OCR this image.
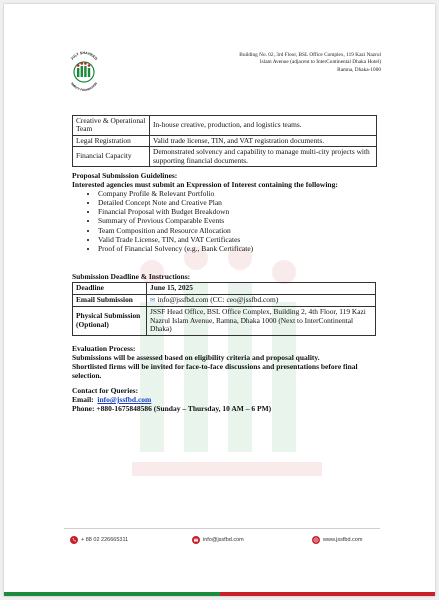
JULY SHAHEED
SMRITY FOUNDATION
Building No. 02, 3rd Floor, BSL Office Complex, 119 Kazi Nazrul
Islam Avenue (adjacent to InterContinental Dhaka Hotel)
Ramna, Dhaka-1000
Creative & Operational Team	In-house creative, production, and logistics teams.
Legal Registration	Valid trade license, TIN, and VAT registration documents.
Financial Capacity	Demonstrated solvency and capability to manage multi-city projects with supporting financial documents.
Proposal Submission Guidelines:
Interested agencies must submit an Expression of Interest containing the following:
• Company Profile & Relevant Portfolio
• Detailed Concept Note and Creative Plan
• Financial Proposal with Budget Breakdown
• Summary of Previous Comparable Events
• Team Composition and Resource Allocation
• Valid Trade License, TIN, and VAT Certificates
• Proof of Financial Solvency (e.g., Bank Certificate)
Submission Deadline & Instructions:
Deadline	June 15, 2025
Email Submission	✉ info@jssfbd.com (CC: ceo@jssfbd.com)
Physical Submission (Optional)	JSSF Head Office, BSL Office Complex, Building 2, 4th Floor, 119 Kazi Nazrul Islam Avenue, Ramna, Dhaka 1000 (Next to InterContinental Dhaka)
Evaluation Process:
Submissions will be assessed based on eligibility criteria and proposal quality.
Shortlisted firms will be invited for face-to-face discussions and presentations before final selection.
Contact for Queries:
Email: info@jssfbd.com
Phone: +880-1675848586 (Sunday – Thursday, 10 AM – 6 PM)
+ 88 02 226665311	info@jssfbd.com	www.jssfbd.com
